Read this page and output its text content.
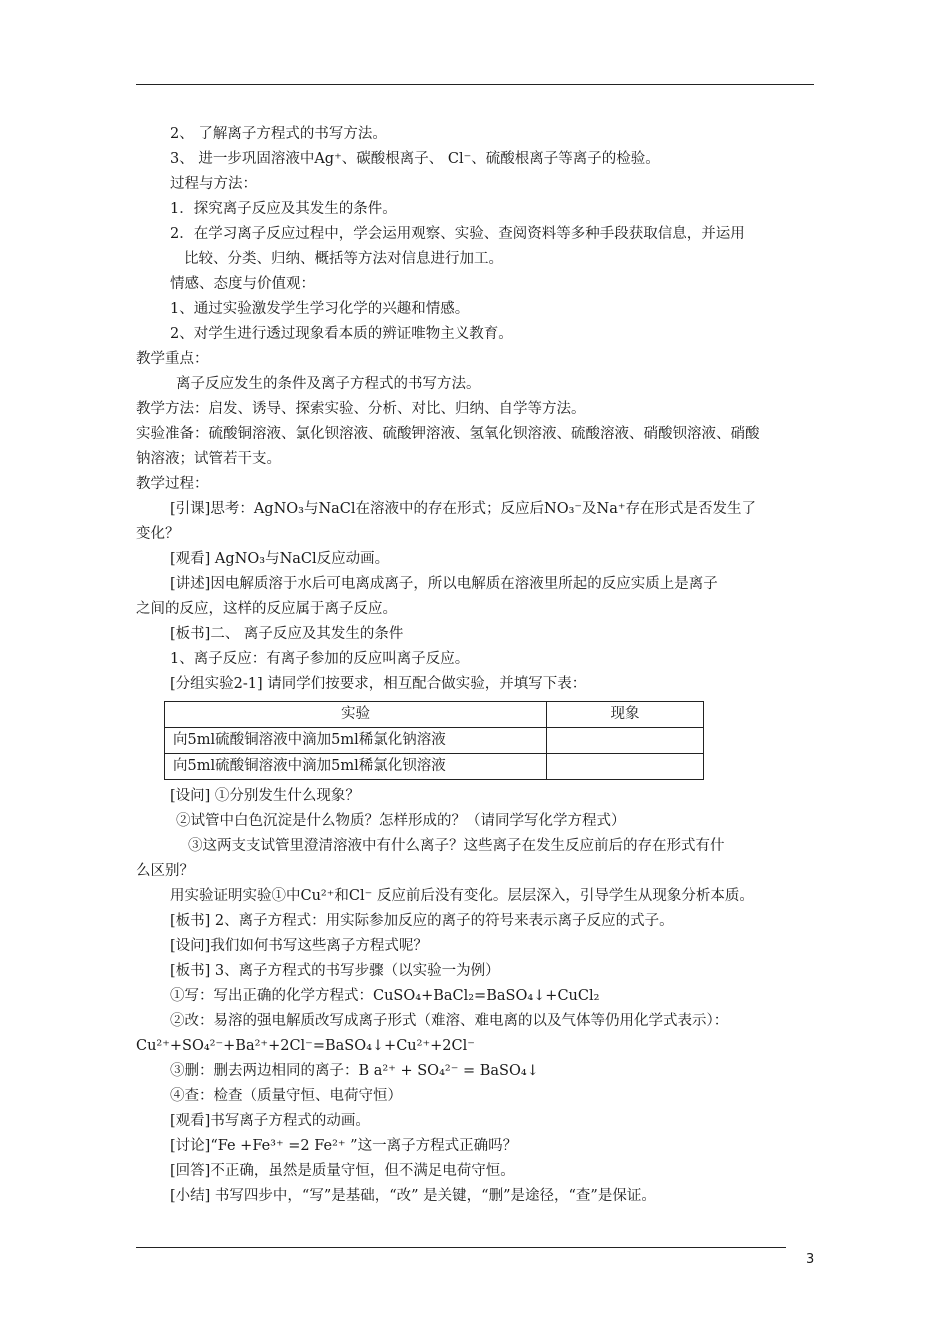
2、 了解离子方程式的书写方法。
3、 进一步巩固溶液中Ag⁺、碳酸根离子、 Cl⁻、硫酸根离子等离子的检验。
过程与方法：
1．探究离子反应及其发生的条件。
2．在学习离子反应过程中，学会运用观察、实验、查阅资料等多种手段获取信息，并运用
比较、分类、归纳、概括等方法对信息进行加工。
情感、态度与价值观：
1、通过实验激发学生学习化学的兴趣和情感。
2、对学生进行透过现象看本质的辨证唯物主义教育。
教学重点：
离子反应发生的条件及离子方程式的书写方法。
教学方法：启发、诱导、探索实验、分析、对比、归纳、自学等方法。
实验准备：硫酸铜溶液、氯化钡溶液、硫酸钾溶液、氢氧化钡溶液、硫酸溶液、硝酸钡溶液、硝酸
钠溶液；试管若干支。
教学过程：
[引课]思考：AgNO₃与NaCl在溶液中的存在形式；反应后NO₃⁻及Na⁺存在形式是否发生了
变化？
[观看] AgNO₃与NaCl反应动画。
[讲述]因电解质溶于水后可电离成离子，所以电解质在溶液里所起的反应实质上是离子
之间的反应，这样的反应属于离子反应。
[板书]二、 离子反应及其发生的条件
1、离子反应：有离子参加的反应叫离子反应。
[分组实验2-1] 请同学们按要求，相互配合做实验，并填写下表：
实验	现象
向5ml硫酸铜溶液中滴加5ml稀氯化钠溶液	
向5ml硫酸铜溶液中滴加5ml稀氯化钡溶液	
[设问] ①分别发生什么现象？
②试管中白色沉淀是什么物质？怎样形成的？（请同学写化学方程式）
③这两支支试管里澄清溶液中有什么离子？这些离子在发生反应前后的存在形式有什
么区别？
用实验证明实验①中Cu²⁺和Cl⁻ 反应前后没有变化。层层深入，引导学生从现象分析本质。
[板书] 2、离子方程式：用实际参加反应的离子的符号来表示离子反应的式子。
[设问]我们如何书写这些离子方程式呢？
[板书] 3、离子方程式的书写步骤（以实验一为例）
①写：写出正确的化学方程式：CuSO₄+BaCl₂=BaSO₄↓+CuCl₂
②改：易溶的强电解质改写成离子形式（难溶、难电离的以及气体等仍用化学式表示）：
Cu²⁺+SO₄²⁻+Ba²⁺+2Cl⁻=BaSO₄↓+Cu²⁺+2Cl⁻
③删：删去两边相同的离子：B a²⁺ + SO₄²⁻ = BaSO₄↓
④查：检查（质量守恒、电荷守恒）
[观看]书写离子方程式的动画。
[讨论]“Fe +Fe³⁺ =2 Fe²⁺ ”这一离子方程式正确吗？
[回答]不正确，虽然是质量守恒，但不满足电荷守恒。
[小结] 书写四步中，“写”是基础，“改” 是关键，“删”是途径，“查”是保证。
3
